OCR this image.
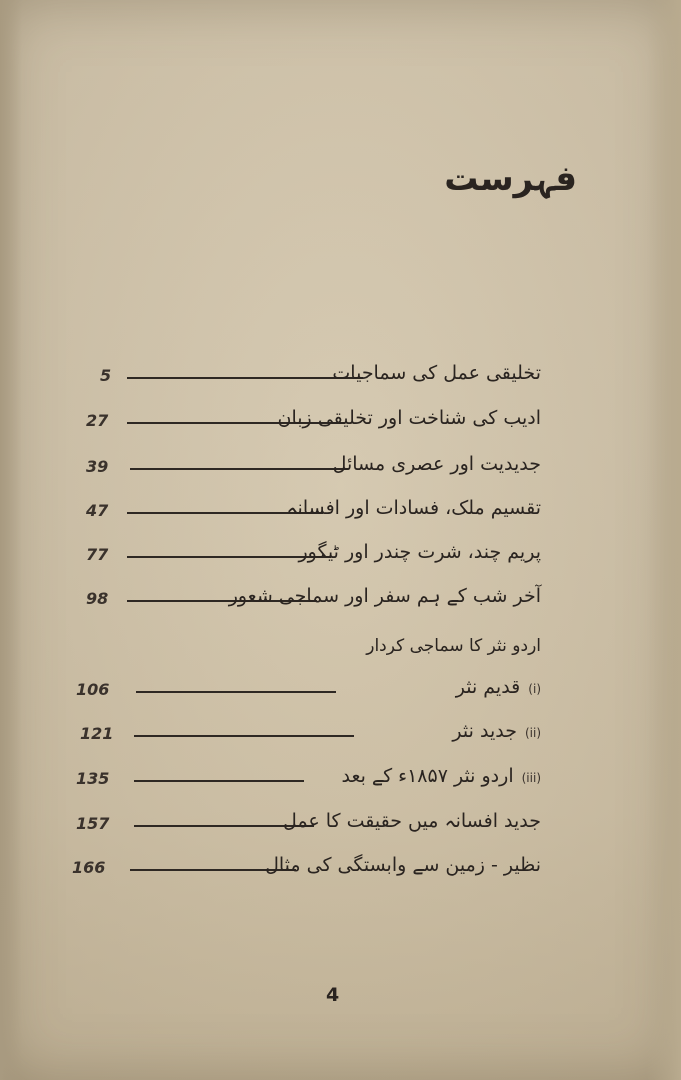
فہرست
5	تخلیقی عمل کی سماجیات
27	ادیب کی شناخت اور تخلیقی زبان
39	جدیدیت اور عصری مسائل
47	تقسیم ملک، فسادات اور افسانہ
77	پریم چند، شرت چندر اور ٹیگور
98	آخر شب کے ہم سفر اور سماجی شعور
اردو نثر کا سماجی کردار
106	(i)قدیم نثر
121	(ii)جدید نثر
135	(iii)اردو نثر ۱۸۵۷ء کے بعد
157	جدید افسانہ میں حقیقت کا عمل
166	نظیر - زمین سے وابستگی کی مثال
4
